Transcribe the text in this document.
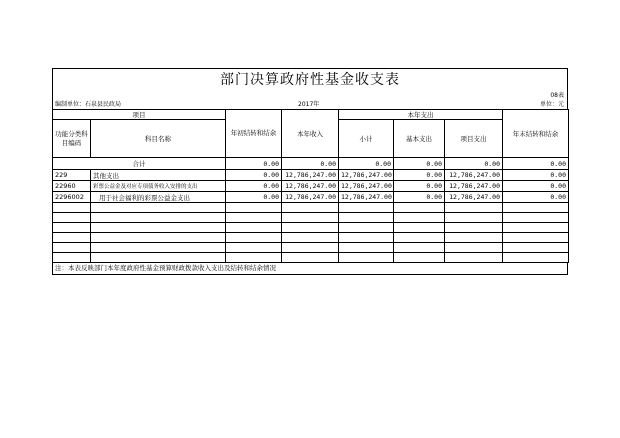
部门决算政府性基金收支表
08表
编制单位：石泉县民政局	2017年	单位：元
项目		年初结转和结余	本年收入	本年支出			年末结转和结余
功能分类科目编码	科目名称			小计	基本支出	项目支出	
合计		0.00	0.00	0.00	0.00	0.00	0.00
229	其他支出	0.00	12,786,247.00	12,786,247.00	0.00	12,786,247.00	0.00
22960	彩票公益金及对应专项债务收入安排的支出	0.00	12,786,247.00	12,786,247.00	0.00	12,786,247.00	0.00
2296002	用于社会福利的彩票公益金支出	0.00	12,786,247.00	12,786,247.00	0.00	12,786,247.00	0.00

注：本表反映部门本年度政府性基金预算财政拨款收入支出及结转和结余情况
